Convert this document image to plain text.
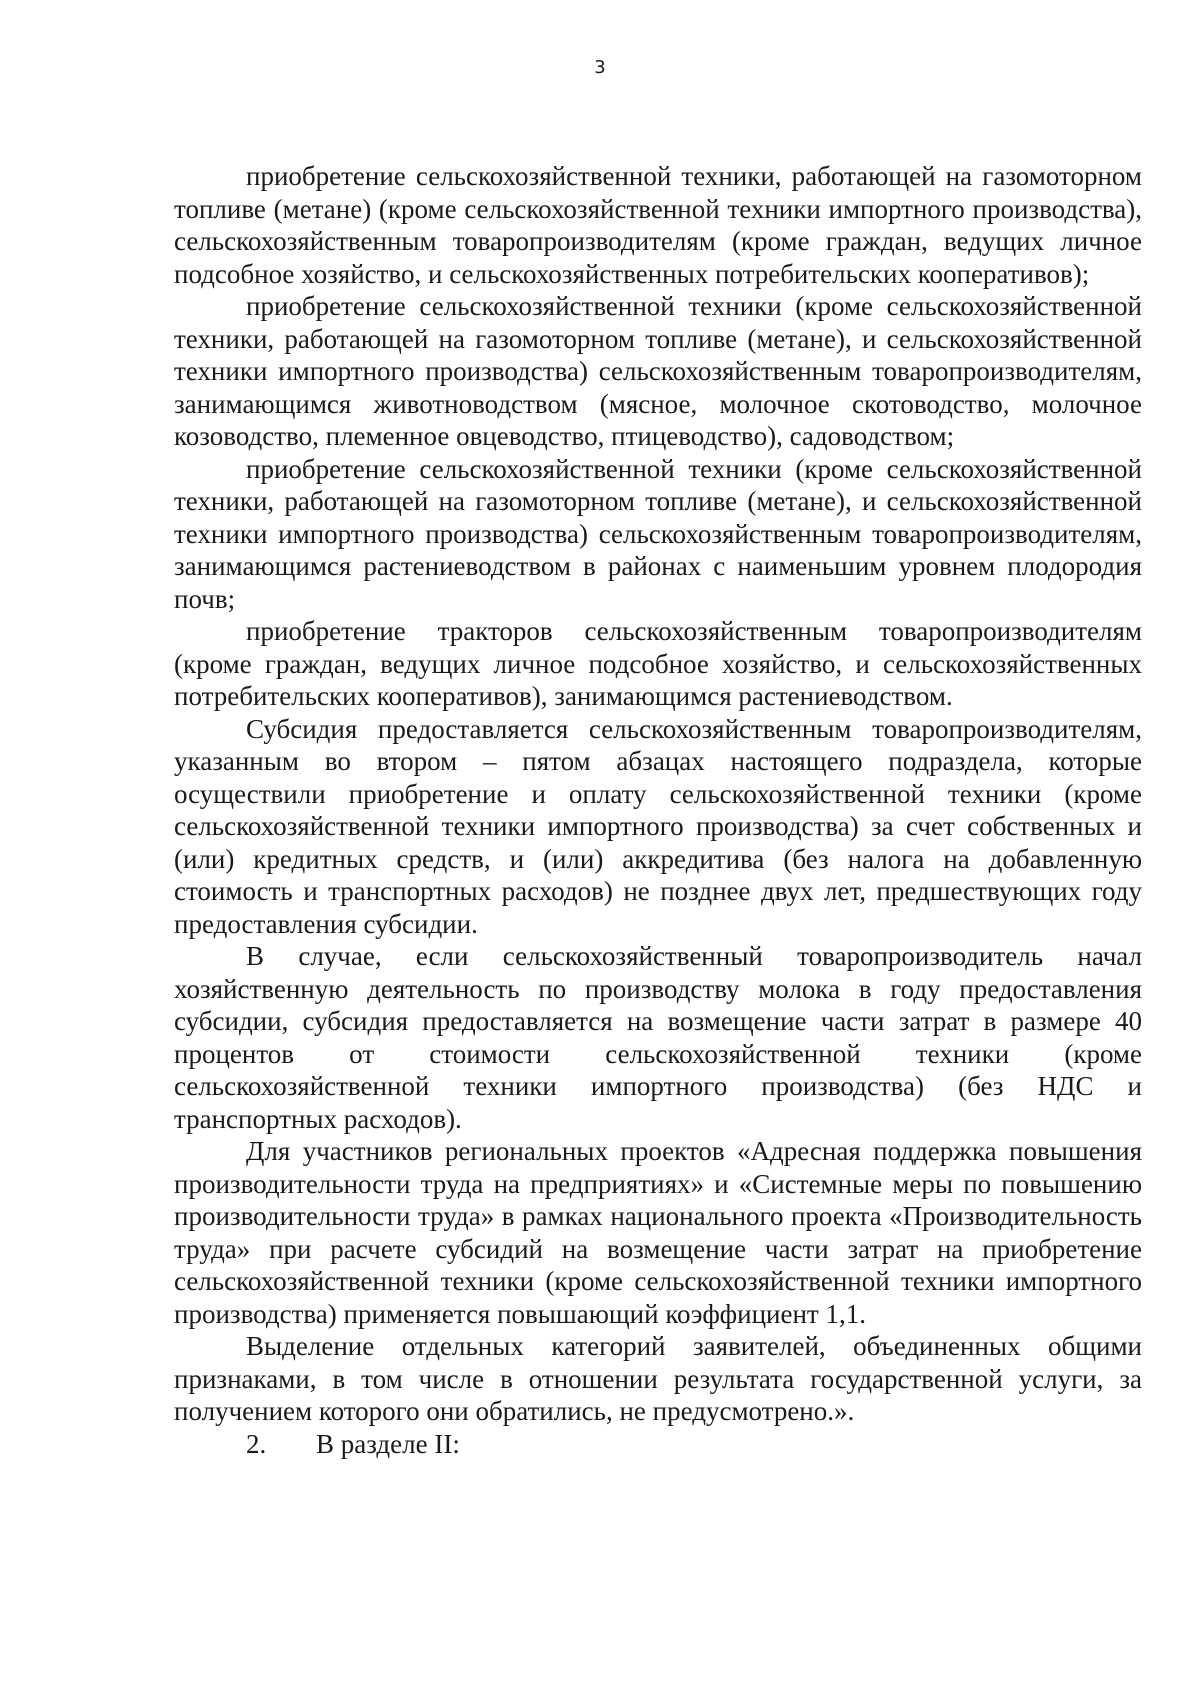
3

приобретение сельскохозяйственной техники, работающей на газомоторном топливе (метане) (кроме сельскохозяйственной техники импортного производства), сельскохозяйственным товаропроизводителям (кроме граждан, ведущих личное подсобное хозяйство, и сельскохозяйственных потребительских кооперативов);

приобретение сельскохозяйственной техники (кроме сельскохозяйственной техники, работающей на газомоторном топливе (метане), и сельскохозяйственной техники импортного производства) сельскохозяйственным товаропроизводителям, занимающимся животноводством (мясное, молочное скотоводство, молочное козоводство, племенное овцеводство, птицеводство), садоводством;

приобретение сельскохозяйственной техники (кроме сельскохозяйственной техники, работающей на газомоторном топливе (метане), и сельскохозяйственной техники импортного производства) сельскохозяйственным товаропроизводителям, занимающимся растениеводством в районах с наименьшим уровнем плодородия почв;

приобретение тракторов сельскохозяйственным товаропроизводителям (кроме граждан, ведущих личное подсобное хозяйство, и сельскохозяйственных потребительских кооперативов), занимающимся растениеводством.

Субсидия предоставляется сельскохозяйственным товаропроизводителям, указанным во втором – пятом абзацах настоящего подраздела, которые осуществили приобретение и оплату сельскохозяйственной техники (кроме сельскохозяйственной техники импортного производства) за счет собственных и (или) кредитных средств, и (или) аккредитива (без налога на добавленную стоимость и транспортных расходов) не позднее двух лет, предшествующих году предоставления субсидии.

В случае, если сельскохозяйственный товаропроизводитель начал хозяйственную деятельность по производству молока в году предоставления субсидии, субсидия предоставляется на возмещение части затрат в размере 40 процентов от стоимости сельскохозяйственной техники (кроме сельскохозяйственной техники импортного производства) (без НДС и транспортных расходов).

Для участников региональных проектов «Адресная поддержка повышения производительности труда на предприятиях» и «Системные меры по повышению производительности труда» в рамках национального проекта «Производительность труда» при расчете субсидий на возмещение части затрат на приобретение сельскохозяйственной техники (кроме сельскохозяйственной техники импортного производства) применяется повышающий коэффициент 1,1.

Выделение отдельных категорий заявителей, объединенных общими признаками, в том числе в отношении результата государственной услуги, за получением которого они обратились, не предусмотрено.».

2.	В разделе II:
